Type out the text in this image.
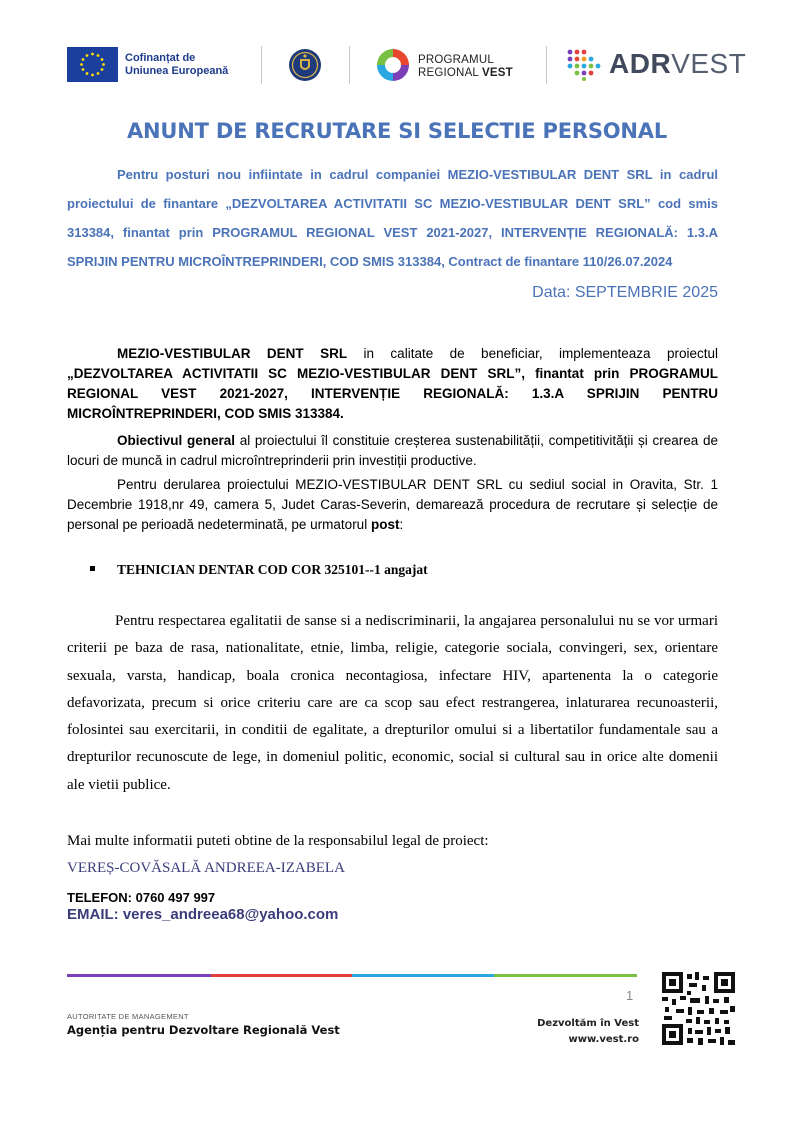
Cofinanțat de
Uniunea Europeană
PROGRAMUL
REGIONAL VEST	ADRVEST
ANUNT DE RECRUTARE SI SELECTIE PERSONAL
Pentru posturi nou infiintate in cadrul companiei MEZIO-VESTIBULAR DENT SRL in cadrul proiectului de finantare „DEZVOLTAREA ACTIVITATII SC MEZIO-VESTIBULAR DENT SRL” cod smis 313384, finantat prin PROGRAMUL REGIONAL VEST 2021-2027, INTERVENȚIE REGIONALĂ: 1.3.A SPRIJIN PENTRU MICROÎNTREPRINDERI, COD SMIS 313384, Contract de finantare 110/26.07.2024
Data: SEPTEMBRIE 2025
MEZIO-VESTIBULAR DENT SRL in calitate de beneficiar, implementeaza proiectul „DEZVOLTAREA ACTIVITATII SC MEZIO-VESTIBULAR DENT SRL”, finantat prin PROGRAMUL REGIONAL VEST 2021-2027, INTERVENȚIE REGIONALĂ: 1.3.A SPRIJIN PENTRU MICROÎNTREPRINDERI, COD SMIS 313384.
Obiectivul general al proiectului îl constituie creșterea sustenabilității, competitivității și crearea de locuri de muncă in cadrul microîntreprinderii prin investiții productive.
Pentru derularea proiectului MEZIO-VESTIBULAR DENT SRL cu sediul social in Oravita, Str. 1 Decembrie 1918,nr 49, camera 5, Judet Caras-Severin, demarează procedura de recrutare și selecție de personal pe perioadă nedeterminată, pe urmatorul post:
TEHNICIAN DENTAR COD COR 325101--1 angajat
Pentru respectarea egalitatii de sanse si a nediscriminarii, la angajarea personalului nu se vor urmari criterii pe baza de rasa, nationalitate, etnie, limba, religie, categorie sociala, convingeri, sex, orientare sexuala, varsta, handicap, boala cronica necontagiosa, infectare HIV, apartenenta la o categorie defavorizata, precum si orice criteriu care are ca scop sau efect restrangerea, inlaturarea recunoasterii, folosintei sau exercitarii, in conditii de egalitate, a drepturilor omului si a libertatilor fundamentale sau a drepturilor recunoscute de lege, in domeniul politic, economic, social si cultural sau in orice alte domenii ale vietii publice.
Mai multe informatii puteti obtine de la responsabilul legal de proiect:
VEREȘ-COVĂSALĂ ANDREEA-IZABELA
TELEFON: 0760 497 997
EMAIL: veres_andreea68@yahoo.com
1
AUTORITATE DE MANAGEMENT
Agenția pentru Dezvoltare Regională Vest	Dezvoltăm în Vest
www.vest.ro
